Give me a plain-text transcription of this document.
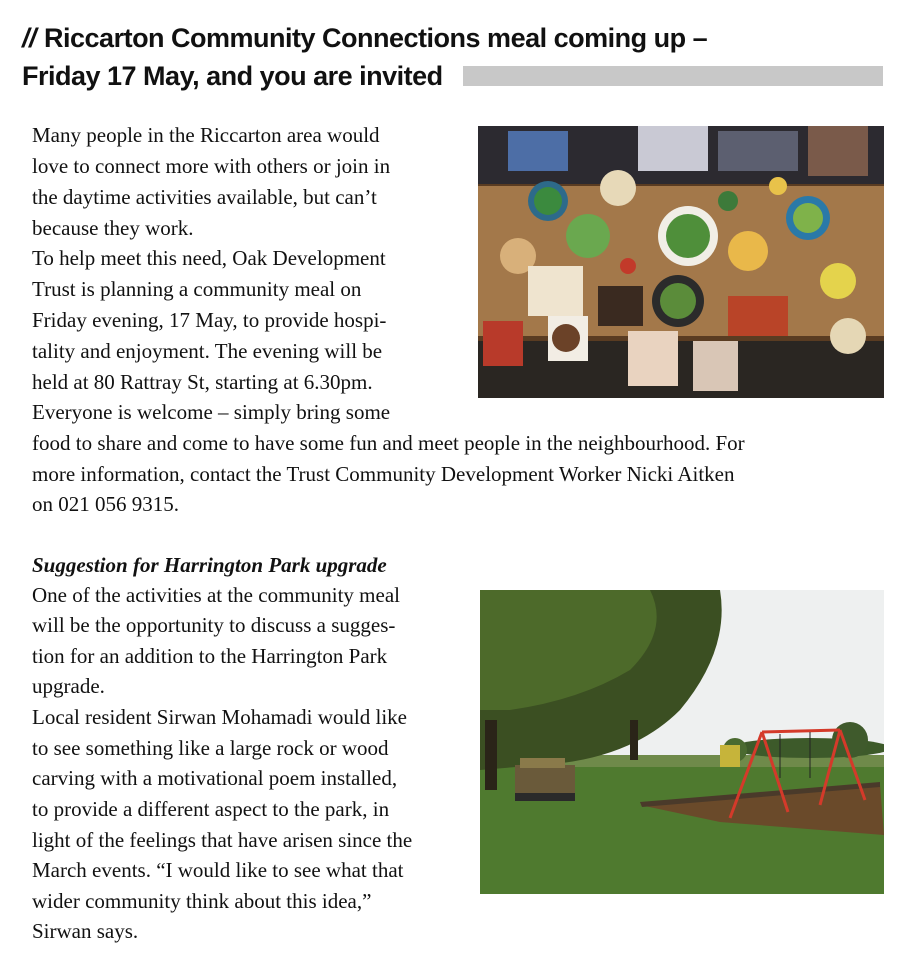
// Riccarton Community Connections meal coming up –
Friday 17 May, and you are invited

Many people in the Riccarton area would

love to connect more with others or join in

the daytime activities available, but can’t

because they work.

To help meet this need, Oak Development

Trust is planning a community meal on

Friday evening, 17 May, to provide hospi-

tality and enjoyment. The evening will be

held at 80 Rattray St, starting at 6.30pm.

Everyone is welcome – simply bring some

food to share and come to have some fun and meet people in the neighbourhood. For

more information, contact the Trust Community Development Worker Nicki Aitken

on 021 056 9315.

Suggestion for Harrington Park upgrade

One of the activities at the community meal

will be the opportunity to discuss a sugges-

tion for an addition to the Harrington Park

upgrade.

Local resident Sirwan Mohamadi would like

to see something like a large rock or wood

carving with a motivational poem installed,

to provide a different aspect to the park, in

light of the feelings that have arisen since the

March events. “I would like to see what that

wider community think about this idea,”

Sirwan says.
